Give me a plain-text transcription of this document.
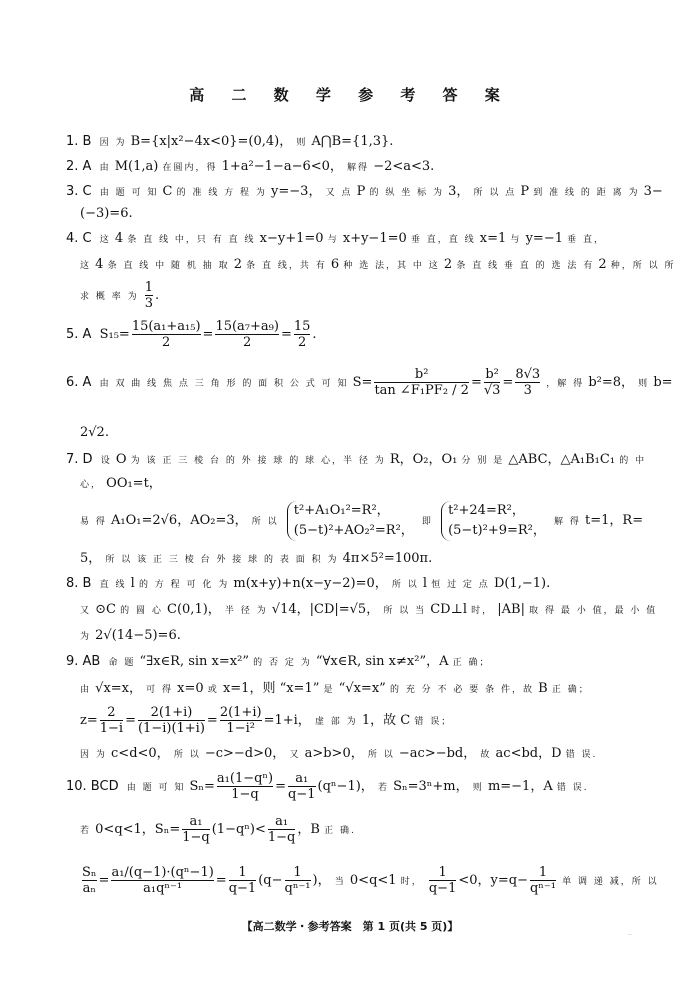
高 二 数 学 参 考 答 案
1. B 因 为 B={x|x²−4x<0}=(0,4)， 则 A⋂B={1,3}.
2. A 由 M(1,a) 在圆内，得 1+a²−1−a−6<0， 解得 −2<a<3.
3. C 由 题 可 知 C 的 准 线 方 程 为 y=−3， 又 点 P 的 纵 坐 标 为 3， 所 以 点 P 到 准 线 的 距 离 为 3−
(−3)=6.
4. C 这 4 条 直 线 中，只 有 直 线 x−y+1=0 与 x+y−1=0 垂 直，直 线 x=1 与 y=−1 垂 直，
这 4 条 直 线 中 随 机 抽 取 2 条 直 线，共 有 6 种 选 法，其 中 这 2 条 直 线 垂 直 的 选 法 有 2 种，所 以 所
求 概 率 为 $\frac{1}{3}$ .
5. A $S_{15}= \frac{\text{15(a₁+a₁₅)}}{2} = \frac{\text{15(a₇+a₉)}}{2} = \frac{15}{2}$ .
6. A 由 双 曲 线 焦 点 三 角 形 的 面 积 公 式 可 知 $S= \frac{\text{b²}}{\text{tan ∠F₁PF₂ / 2}} = \frac{\text{b²}}{√3} = \frac{8√3}{3}$ ，解 得 b²=8， 则 b=
2√2.
7. D 设 O 为 该 正 三 棱 台 的 外 接 球 的 球 心，半 径 为 R，O₂，O₁ 分 别 是 △ABC，△A₁B₁C₁ 的 中
心， OO₁=t，
易 得 A₁O₁=2√6，AO₂=3， 所 以
t²+A₁O₁²=R²，
(5−t)²+AO₂²=R²，
即
t²+24=R²，
(5−t)²+9=R²，
解 得 t=1，R=
5， 所 以 该 正 三 棱 台 外 接 球 的 表 面 积 为 4π×5²=100π.
8. B 直 线 l 的 方 程 可 化 为 m(x+y)+n(x−y−2)=0， 所 以 l 恒 过 定 点 D(1,−1).
又 ⊙C 的 圆 心 C(0,1)， 半 径 为 √14，|CD|=√5， 所 以 当 CD⊥l 时， |AB| 取 得 最 小 值，最 小 值
为 2√(14−5)=6.
9. AB 命 题 “∃x∈R, sin x=x²” 的 否 定 为 “∀x∈R, sin x≠x²”，A 正 确；
由 √x=x， 可 得 x=0 或 x=1，则 “x=1” 是 “√x=x” 的 充 分 不 必 要 条 件，故 B 正 确；
$z= \frac{2}{1-i} = \frac{2(1+i)}{(1-i)(1+i)} = \frac{2(1+i)}{\text{1−i²}} =1+i$， 虚 部 为 1，故 C 错 误；
因 为 c<d<0， 所 以 −c>−d>0， 又 a>b>0， 所 以 −ac>−bd， 故 ac<bd，D 错 误.
10. BCD 由 题 可 知 $S_n= \frac{\text{a₁(1−qⁿ)}}{1-q} = \frac{\text{a₁}}{q-1} (q^n-1)$， 若 Sₙ=3ⁿ+m， 则 m=−1，A 错 误.
若 0<q<1，$S_n= \frac{\text{a₁}}{1-q} (1-q^n)< \frac{\text{a₁}}{1-q}$ ，B 正 确.
$\frac{\text{Sₙ}}{\text{aₙ}} = \frac{\text{a₁/(q−1)·(qⁿ−1)}}{\text{a₁qⁿ⁻¹}} = \frac{1}{q-1} (q- \frac{1}{\text{qⁿ⁻¹}}$ )， 当 0<q<1 时， $\frac{1}{q-1} <0$，$y=q- \frac{1}{\text{qⁿ⁻¹}}$ 单 调 递 减，所 以
【高二数学・参考答案　第 1 页(共 5 页)】
..
